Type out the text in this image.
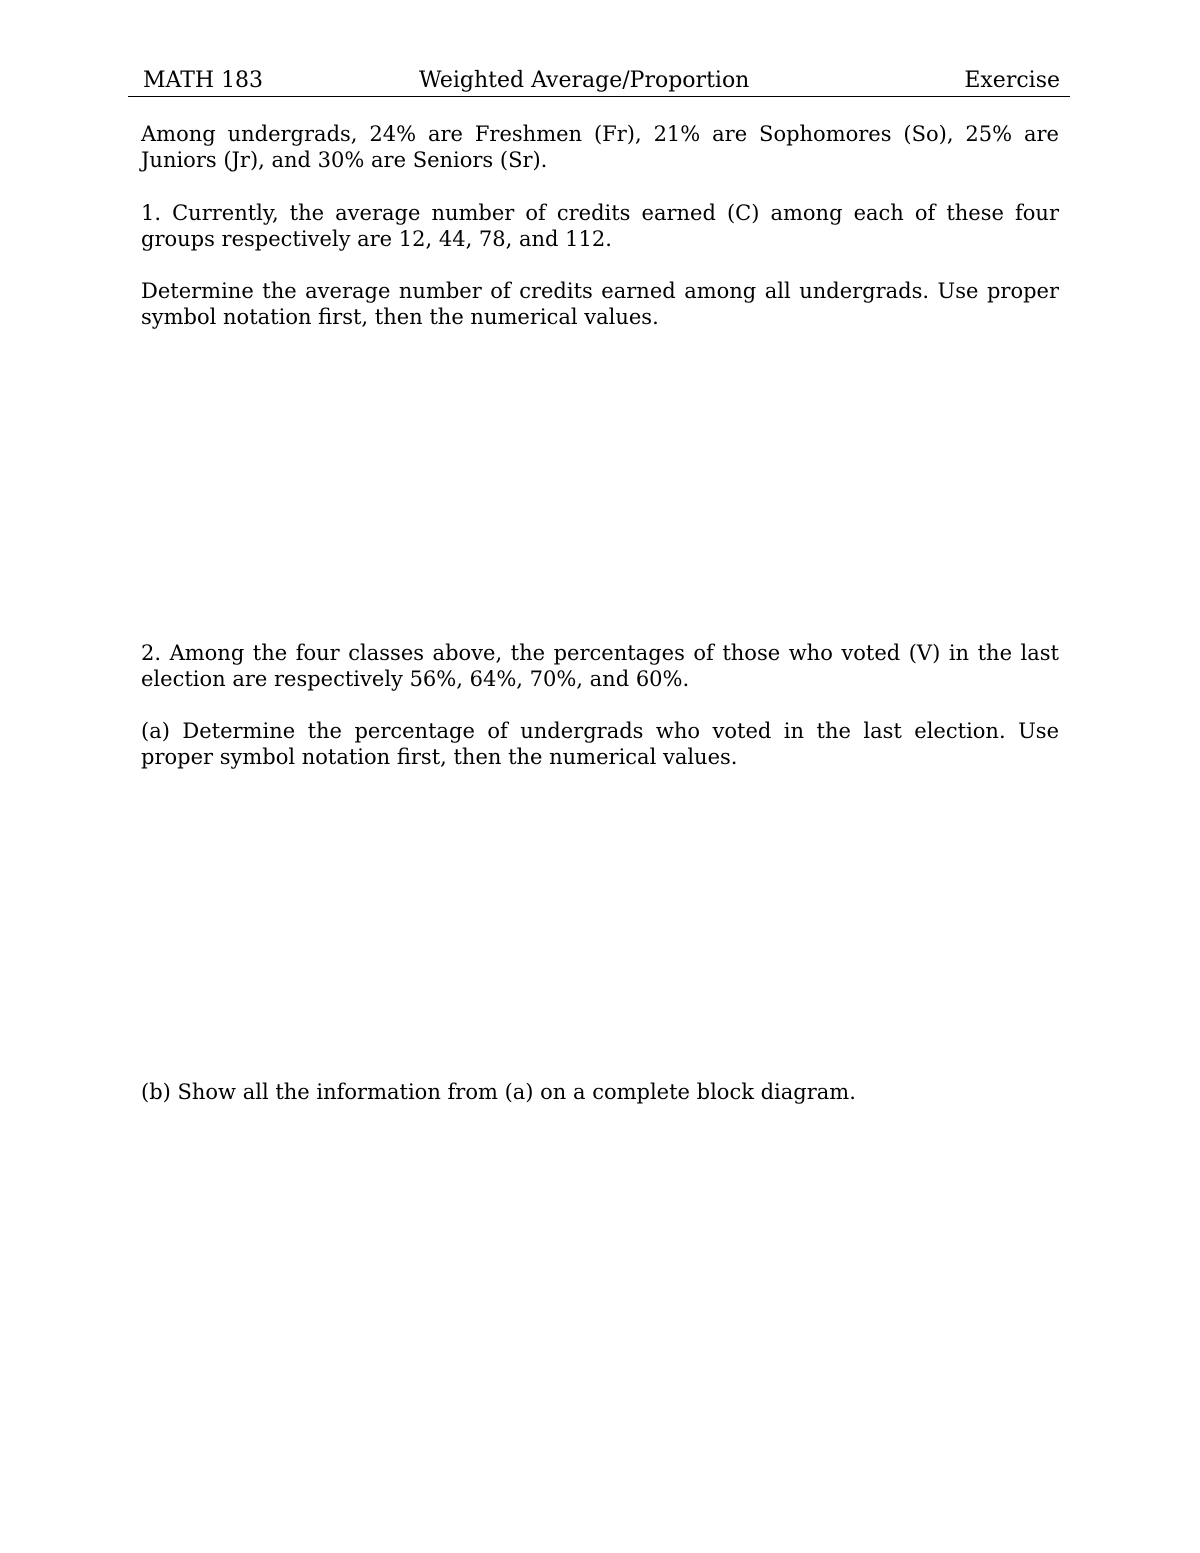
MATH 183	Weighted Average/Proportion	Exercise

Among undergrads, 24% are Freshmen (Fr), 21% are Sophomores (So), 25% are Juniors (Jr), and 30% are Seniors (Sr).

1. Currently, the average number of credits earned (C) among each of these four groups respectively are 12, 44, 78, and 112.

Determine the average number of credits earned among all undergrads. Use proper symbol notation first, then the numerical values.

2. Among the four classes above, the percentages of those who voted (V) in the last election are respectively 56%, 64%, 70%, and 60%.

(a) Determine the percentage of undergrads who voted in the last election. Use proper symbol notation first, then the numerical values.

(b) Show all the information from (a) on a complete block diagram.
